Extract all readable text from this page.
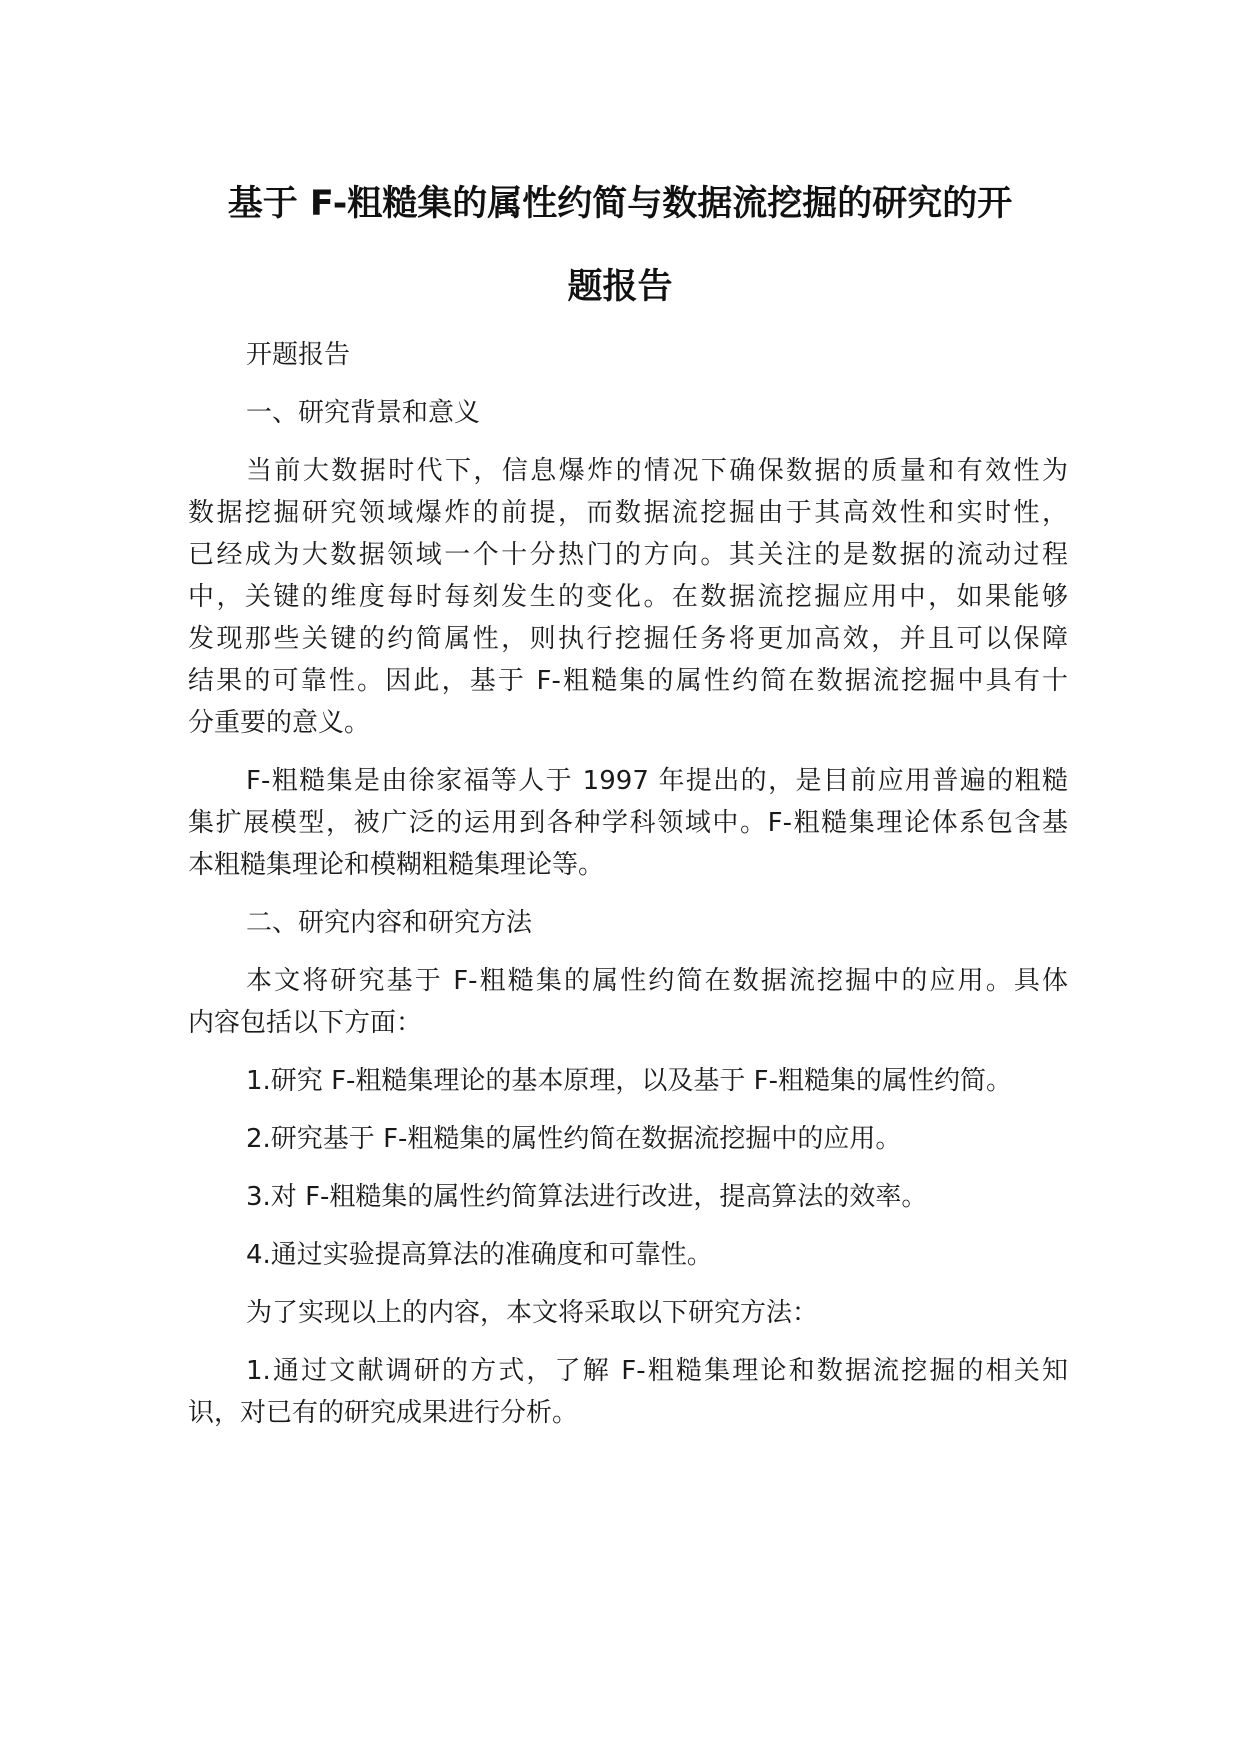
基于 F-粗糙集的属性约简与数据流挖掘的研究的开
题报告
开题报告
一、研究背景和意义
当前大数据时代下，信息爆炸的情况下确保数据的质量和有效性为
数据挖掘研究领域爆炸的前提，而数据流挖掘由于其高效性和实时性，
已经成为大数据领域一个十分热门的方向。其关注的是数据的流动过程
中，关键的维度每时每刻发生的变化。在数据流挖掘应用中，如果能够
发现那些关键的约简属性，则执行挖掘任务将更加高效，并且可以保障
结果的可靠性。因此，基于 F-粗糙集的属性约简在数据流挖掘中具有十
分重要的意义。
F-粗糙集是由徐家福等人于 1997 年提出的，是目前应用普遍的粗糙
集扩展模型，被广泛的运用到各种学科领域中。F-粗糙集理论体系包含基
本粗糙集理论和模糊粗糙集理论等。
二、研究内容和研究方法
本文将研究基于 F-粗糙集的属性约简在数据流挖掘中的应用。具体
内容包括以下方面：
1.研究 F-粗糙集理论的基本原理，以及基于 F-粗糙集的属性约简。
2.研究基于 F-粗糙集的属性约简在数据流挖掘中的应用。
3.对 F-粗糙集的属性约简算法进行改进，提高算法的效率。
4.通过实验提高算法的准确度和可靠性。
为了实现以上的内容，本文将采取以下研究方法：
1.通过文献调研的方式，了解 F-粗糙集理论和数据流挖掘的相关知
识，对已有的研究成果进行分析。
